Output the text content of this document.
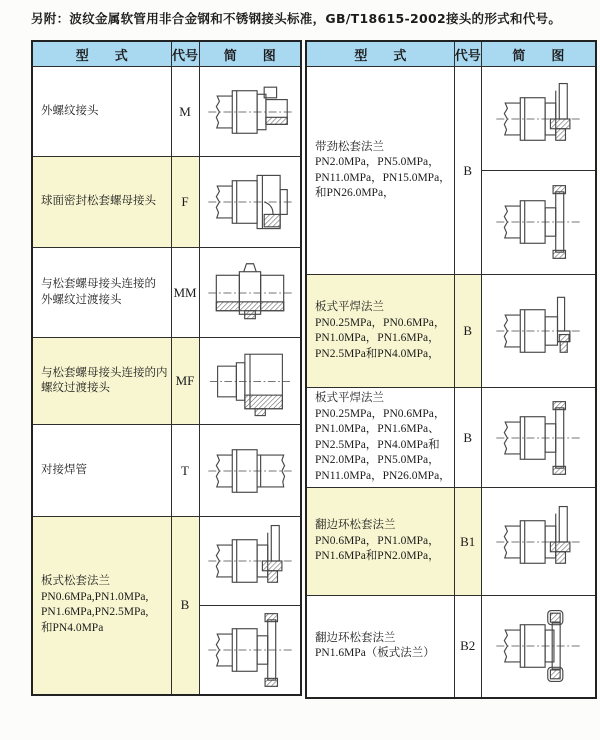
另附：波纹金属软管用非合金钢和不锈钢接头标准，GB/T18615-2002接头的形式和代号。

型　　式	代号	简　　图

外螺纹接头	M	

球面密封松套螺母接头	F	

与松套螺母接头连接的
外螺纹过渡接头	MM	

与松套螺母接头连接的内
螺纹过渡接头	MF	

对接焊管	T	

板式松套法兰
PN0.6MPa,PN1.0MPa,
PN1.6MPa,PN2.5MPa,
和PN4.0MPa	B	
型　　式	代号	简　　图

带劲松套法兰
PN2.0MPa，PN5.0MPa，
PN11.0MPa，PN15.0MPa，
和PN26.0MPa，	B	

板式平焊法兰
PN0.25MPa，PN0.6MPa，
PN1.0MPa，PN1.6MPa，
PN2.5MPa和PN4.0MPa，	B	

板式平焊法兰
PN0.25MPa，PN0.6MPa，
PN1.0MPa，PN1.6MPa、
PN2.5MPa，PN4.0MPa和
PN2.0MPa，PN5.0MPa，
PN11.0MPa，PN26.0MPa，
	B	

翻边环松套法兰
PN0.6MPa，PN1.0MPa，
PN1.6MPa和PN2.0MPa，	B1	

翻边环松套法兰
PN1.6MPa（板式法兰）	B2	
